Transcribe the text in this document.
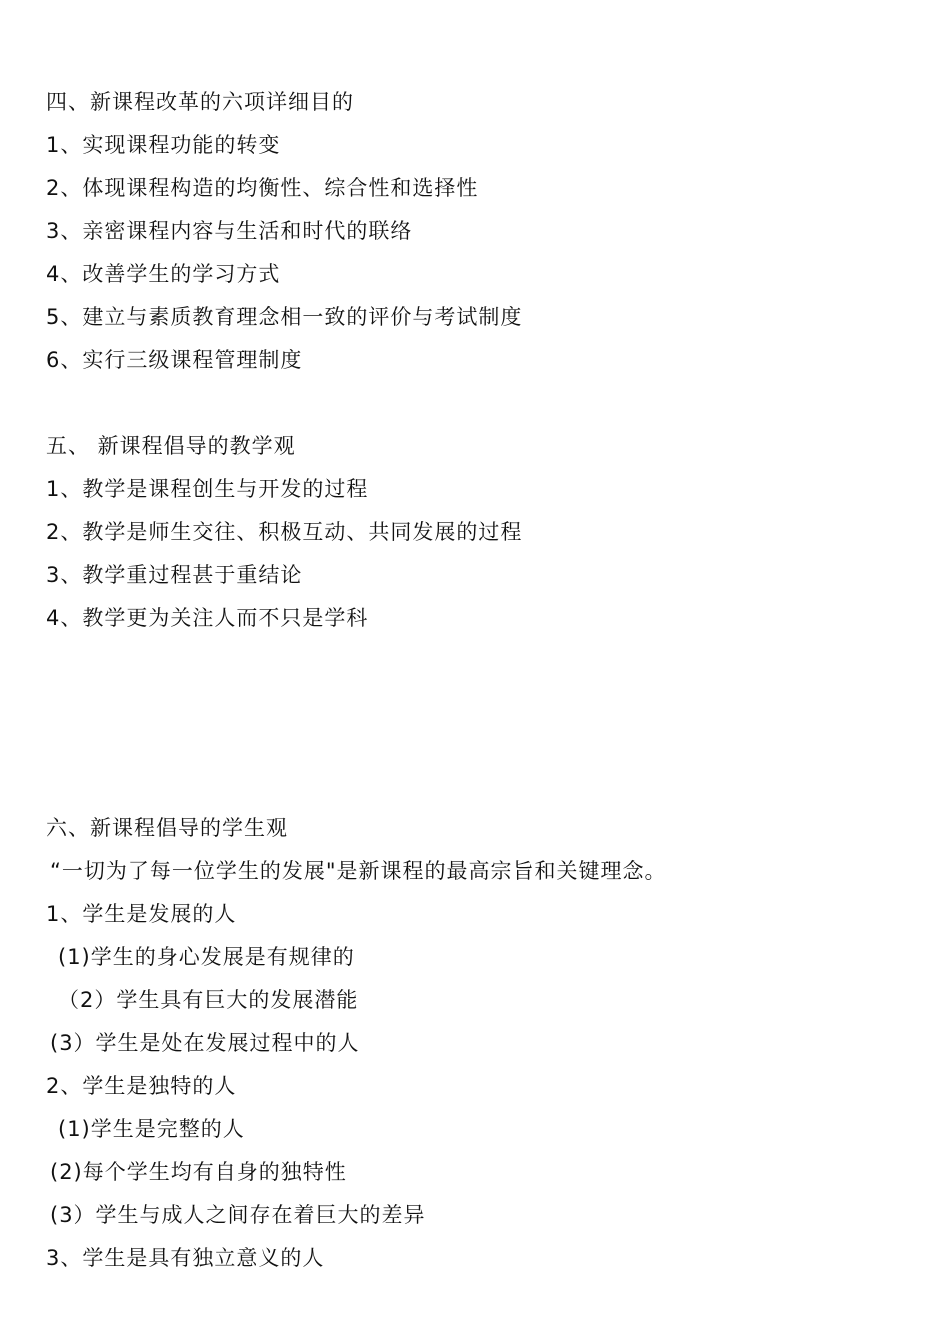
四、新课程改革的六项详细目的
1、实现课程功能的转变
2、体现课程构造的均衡性、综合性和选择性
3、亲密课程内容与生活和时代的联络
4、改善学生的学习方式
5、建立与素质教育理念相一致的评价与考试制度
6、实行三级课程管理制度
五、 新课程倡导的教学观
1、教学是课程创生与开发的过程
2、教学是师生交往、积极互动、共同发展的过程
3、教学重过程甚于重结论
4、教学更为关注人而不只是学科
六、新课程倡导的学生观
“一切为了每一位学生的发展"是新课程的最高宗旨和关键理念。
1、学生是发展的人
(1)学生的身心发展是有规律的
（2）学生具有巨大的发展潜能
(3）学生是处在发展过程中的人
2、学生是独特的人
(1)学生是完整的人
(2)每个学生均有自身的独特性
(3）学生与成人之间存在着巨大的差异
3、学生是具有独立意义的人
